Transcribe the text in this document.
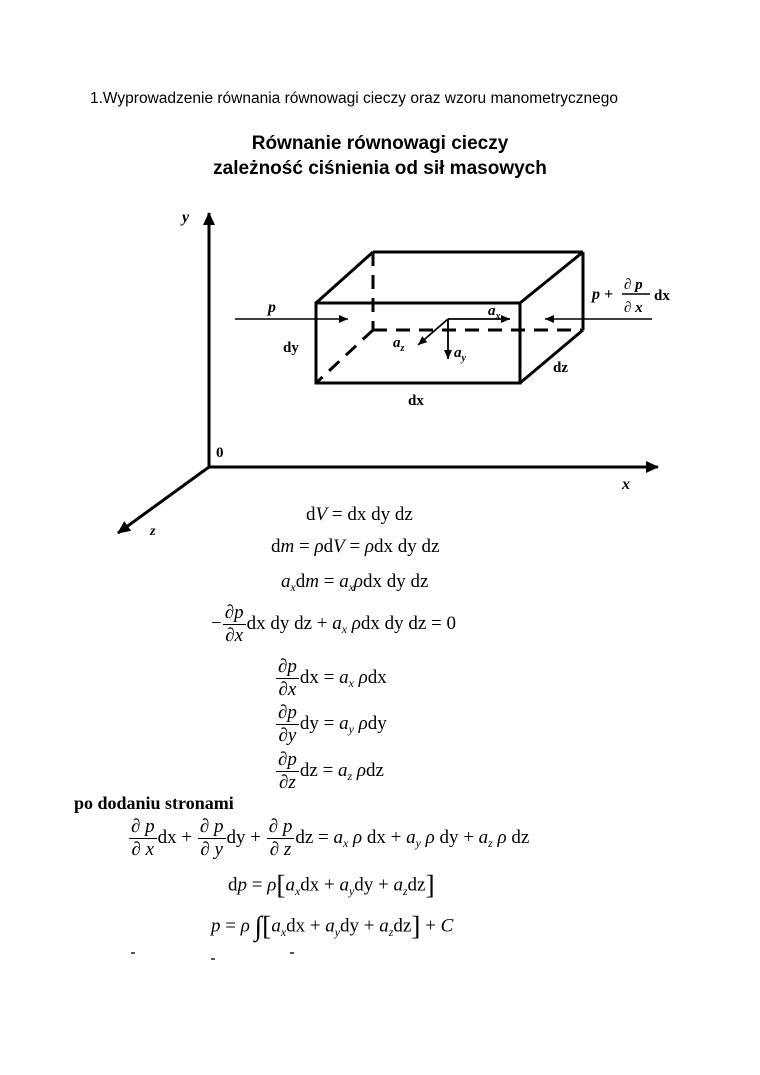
1.Wyprowadzenie równania równowagi cieczy oraz wzoru manometrycznego
Równanie równowagi cieczy
zależność ciśnienia od sił masowych
y
x
z
0
p
dy
dx
dz
$a_x$
$a_y$
$a_z$
p +
∂ p
∂ x
dx
dV = dx dy dz
dm = ρdV = ρdx dy dz
$a_xdm = a_x\rho dx$ dy dz
− $\frac{\partial p}{\partial x}$ dx dy dz + $a_x$ ρdx dy dz = 0
$\frac{\partial p}{\partial x}$ dx = $a_x$ ρdx
$\frac{\partial p}{\partial y}$ dy = $a_y$ ρdy
$\frac{\partial p}{\partial z}$ dz = $a_z$ ρdz
po dodaniu stronami
$\frac{\partial p}{\partial x}$ dx + $\frac{\partial p}{\partial y}$ dy + $\frac{\partial p}{\partial z}$ dz = $a_x$ ρ dx + $a_y$ ρ dy + $a_z$ ρ dz
dp = $\rho[a_xdx + a_ydy + a_zdz]$
p = ρ $\int[a_xdx + a_ydy + a_zdz] + C$
